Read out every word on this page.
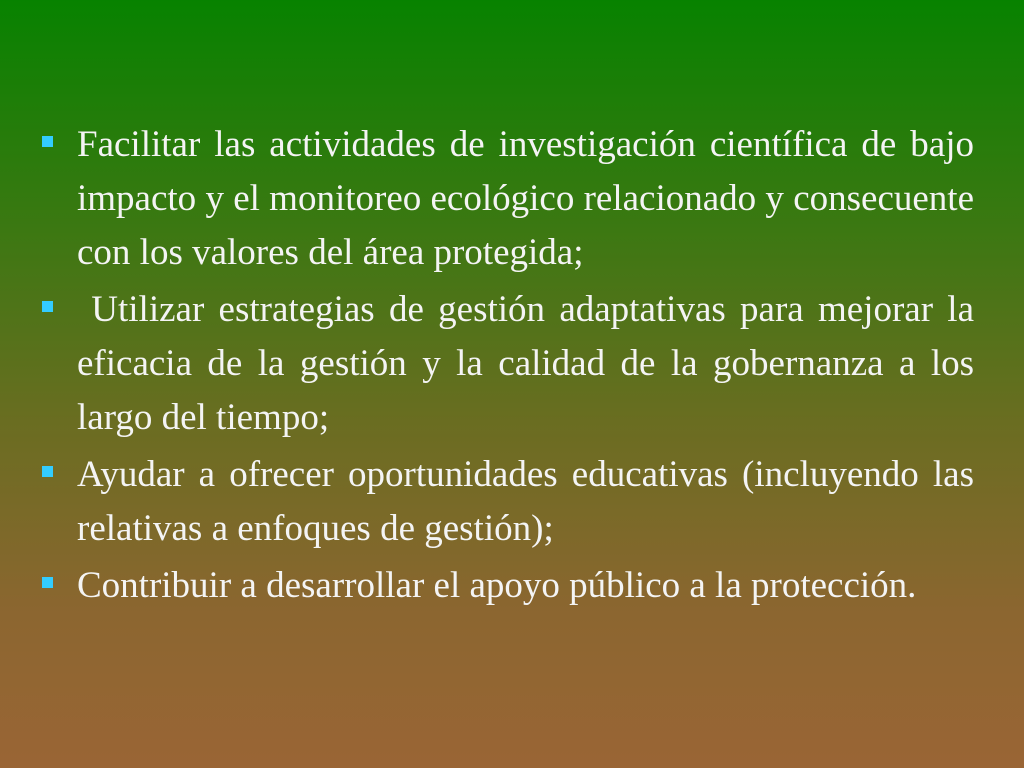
Facilitar las actividades de investigación científica de bajo impacto y el monitoreo ecológico relacionado y consecuente con los valores del área protegida;
Utilizar estrategias de gestión adaptativas para mejorar la eficacia de la gestión y la calidad de la gobernanza a los largo del tiempo;
Ayudar a ofrecer oportunidades educativas (incluyendo las relativas a enfoques de gestión);
Contribuir a desarrollar el apoyo público a la protección.
